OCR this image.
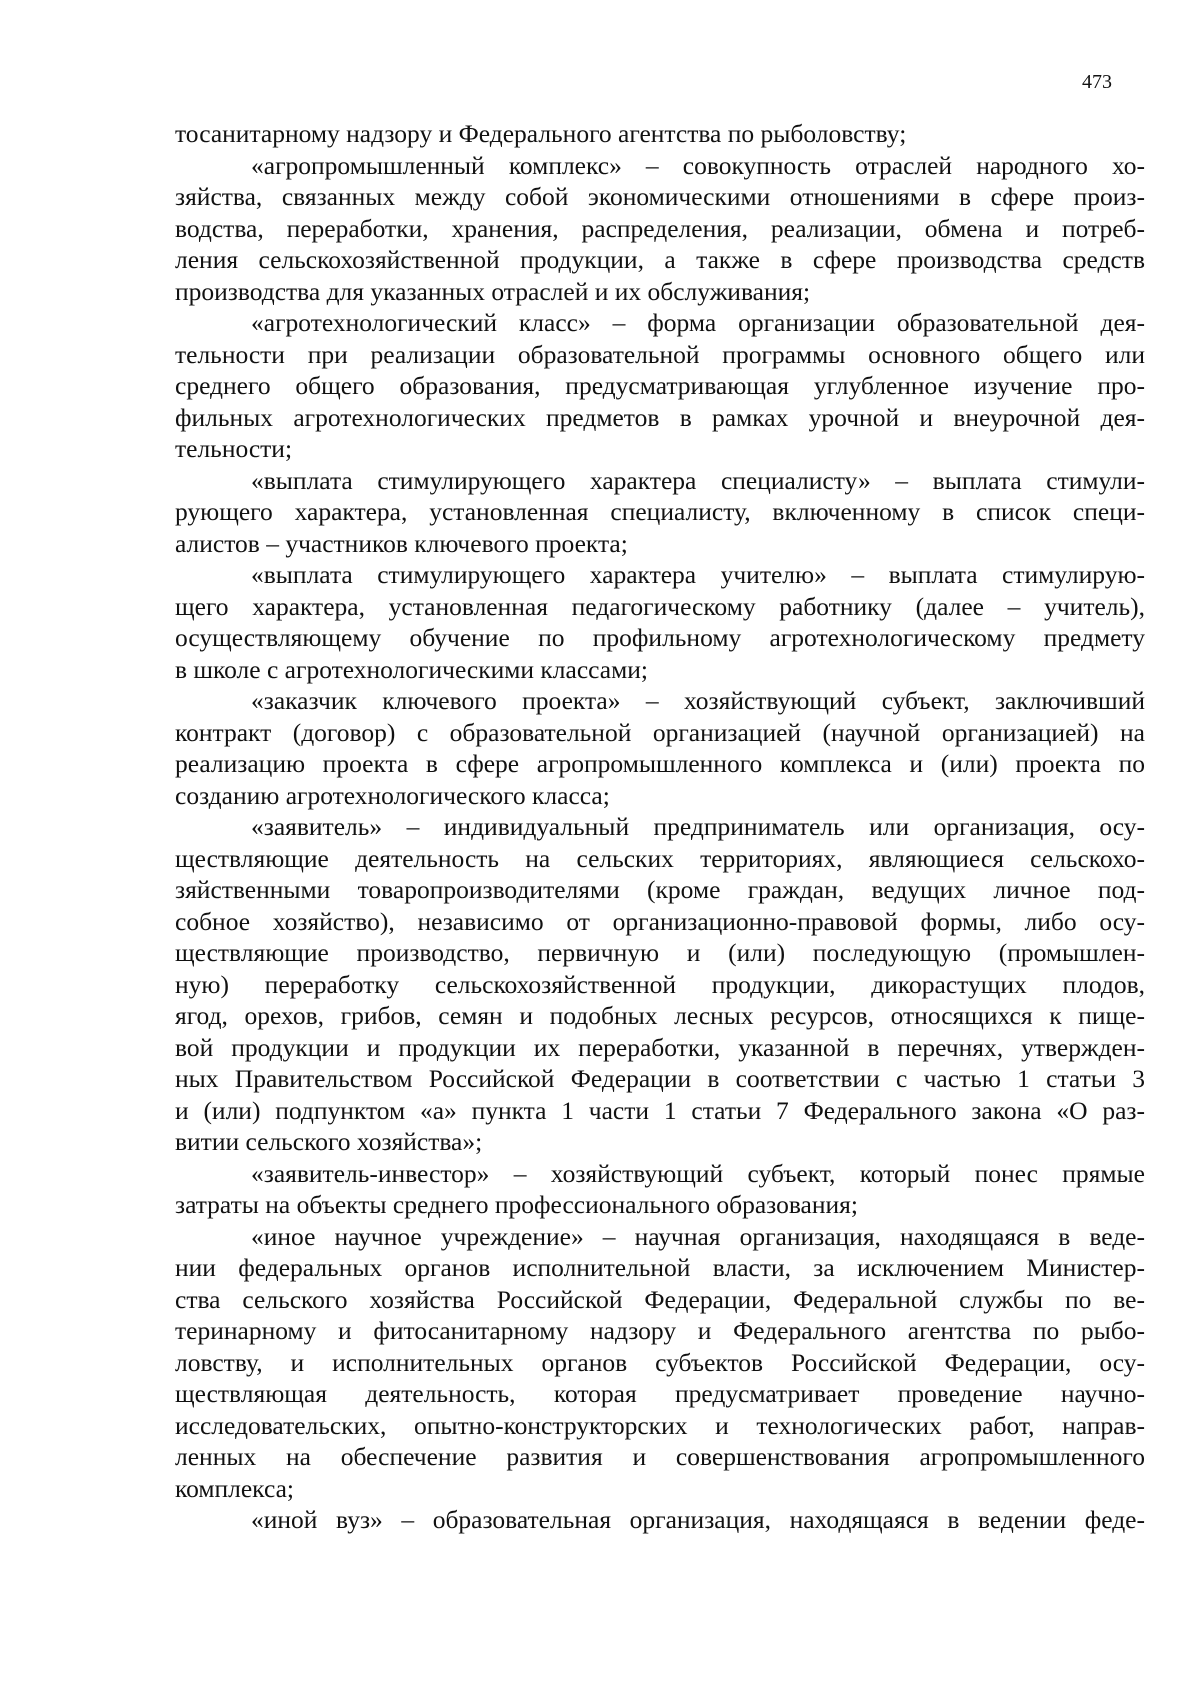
473
тосанитарному надзору и Федерального агентства по рыболовству;
«агропромышленный комплекс» – совокупность отраслей народного хо-
зяйства, связанных между собой экономическими отношениями в сфере произ-
водства, переработки, хранения, распределения, реализации, обмена и потреб-
ления сельскохозяйственной продукции, а также в сфере производства средств
производства для указанных отраслей и их обслуживания;
«агротехнологический класс» – форма организации образовательной дея-
тельности при реализации образовательной программы основного общего или
среднего общего образования, предусматривающая углубленное изучение про-
фильных агротехнологических предметов в рамках урочной и внеурочной дея-
тельности;
«выплата стимулирующего характера специалисту» – выплата стимули-
рующего характера, установленная специалисту, включенному в список специ-
алистов – участников ключевого проекта;
«выплата стимулирующего характера учителю» – выплата стимулирую-
щего характера, установленная педагогическому работнику (далее – учитель),
осуществляющему обучение по профильному агротехнологическому предмету
в школе с агротехнологическими классами;
«заказчик ключевого проекта» – хозяйствующий субъект, заключивший
контракт (договор) с образовательной организацией (научной организацией) на
реализацию проекта в сфере агропромышленного комплекса и (или) проекта по
созданию агротехнологического класса;
«заявитель» – индивидуальный предприниматель или организация, осу-
ществляющие деятельность на сельских территориях, являющиеся сельскохо-
зяйственными товаропроизводителями (кроме граждан, ведущих личное под-
собное хозяйство), независимо от организационно-правовой формы, либо осу-
ществляющие производство, первичную и (или) последующую (промышлен-
ную) переработку сельскохозяйственной продукции, дикорастущих плодов,
ягод, орехов, грибов, семян и подобных лесных ресурсов, относящихся к пище-
вой продукции и продукции их переработки, указанной в перечнях, утвержден-
ных Правительством Российской Федерации в соответствии с частью 1 статьи 3
и (или) подпунктом «а» пункта 1 части 1 статьи 7 Федерального закона «О раз-
витии сельского хозяйства»;
«заявитель-инвестор» – хозяйствующий субъект, который понес прямые
затраты на объекты среднего профессионального образования;
«иное научное учреждение» – научная организация, находящаяся в веде-
нии федеральных органов исполнительной власти, за исключением Министер-
ства сельского хозяйства Российской Федерации, Федеральной службы по ве-
теринарному и фитосанитарному надзору и Федерального агентства по рыбо-
ловству, и исполнительных органов субъектов Российской Федерации, осу-
ществляющая деятельность, которая предусматривает проведение научно-
исследовательских, опытно-конструкторских и технологических работ, направ-
ленных на обеспечение развития и совершенствования агропромышленного
комплекса;
«иной вуз» – образовательная организация, находящаяся в ведении феде-
